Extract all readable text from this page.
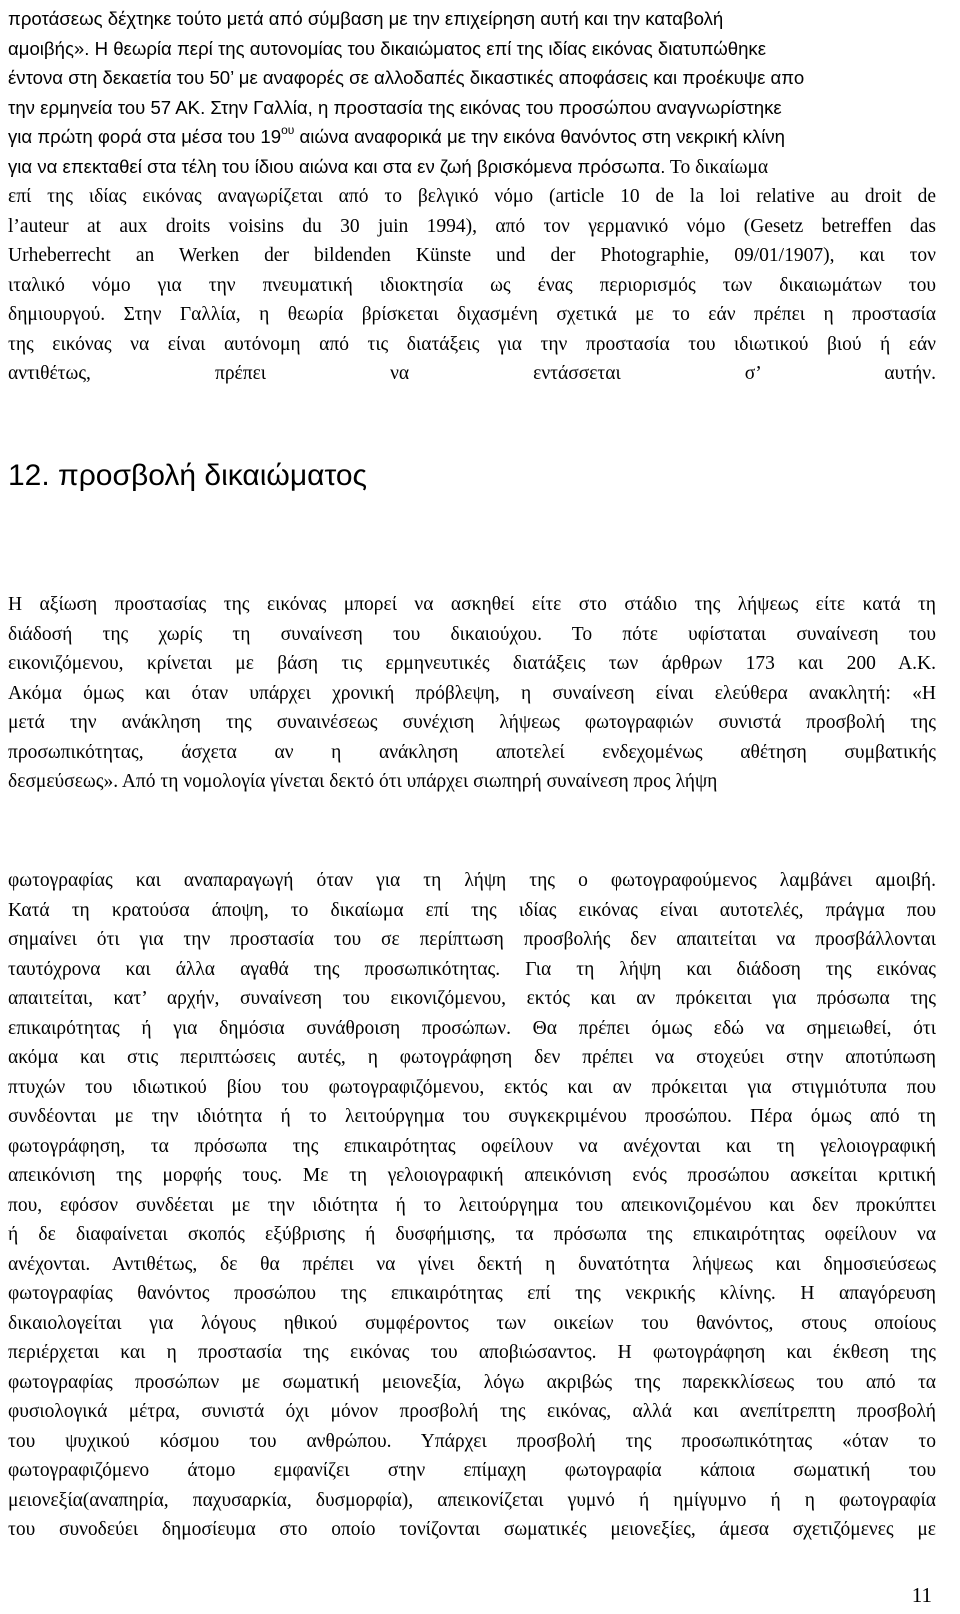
προτάσεως δέχτηκε τούτο μετά από σύμβαση με την επιχείρηση αυτή και την καταβολή
αμοιβής». Η θεωρία περί της αυτονομίας του δικαιώματος επί της ιδίας εικόνας διατυπώθηκε
έντονα στη δεκαετία του 50’ με αναφορές σε αλλοδαπές δικαστικές αποφάσεις και προέκυψε απο
την ερμηνεία του 57 ΑΚ. Στην Γαλλία, η προστασία της εικόνας του προσώπου αναγνωρίστηκε
για πρώτη φορά στα μέσα του $19^{o\upsilon}$ αιώνα αναφορικά με την εικόνα θανόντος στη νεκρική κλίνη
για να επεκταθεί στα τέλη του ίδιου αιώνα και στα εν ζωή βρισκόμενα πρόσωπα. Το δικαίωμα
επί της ιδίας εικόνας αναγωρίζεται από το βελγικό νόμο (article 10 de la loi relative au droit de
l’auteur at aux droits voisins du 30 juin 1994), από τον γερμανικό νόμο (Gesetz betreffen das
Urheberrecht an Werken der bildenden Künste und der Photographie, 09/01/1907), και τον
ιταλικό νόμο για την πνευματική ιδιοκτησία ως ένας περιορισμός των δικαιωμάτων του
δημιουργού. Στην Γαλλία, η θεωρία βρίσκεται διχασμένη σχετικά με το εάν πρέπει η προστασία
της εικόνας να είναι αυτόνομη από τις διατάξεις για την προστασία του ιδιωτικού βιού ή εάν
αντιθέτως, πρέπει να εντάσσεται σ’ αυτήν.
12. προσβολή δικαιώματος
Η αξίωση προστασίας της εικόνας μπορεί να ασκηθεί είτε στο στάδιο της λήψεως είτε κατά τη
διάδοσή της χωρίς τη συναίνεση του δικαιούχου. Το πότε υφίσταται συναίνεση του
εικονιζόμενου, κρίνεται με βάση τις ερμηνευτικές διατάξεις των άρθρων 173 και 200 Α.Κ.
Ακόμα όμως και όταν υπάρχει χρονική πρόβλεψη, η συναίνεση είναι ελεύθερα ανακλητή: «Η
μετά την ανάκληση της συναινέσεως συνέχιση λήψεως φωτογραφιών συνιστά προσβολή της
προσωπικότητας, άσχετα αν η ανάκληση αποτελεί ενδεχομένως αθέτηση συμβατικής
δεσμεύσεως». Από τη νομολογία γίνεται δεκτό ότι υπάρχει σιωπηρή συναίνεση προς λήψη
φωτογραφίας και αναπαραγωγή όταν για τη λήψη της ο φωτογραφούμενος λαμβάνει αμοιβή.
Κατά τη κρατούσα άποψη, το δικαίωμα επί της ιδίας εικόνας είναι αυτοτελές, πράγμα που
σημαίνει ότι για την προστασία του σε περίπτωση προσβολής δεν απαιτείται να προσβάλλονται
ταυτόχρονα και άλλα αγαθά της προσωπικότητας. Για τη λήψη και διάδοση της εικόνας
απαιτείται, κατ’ αρχήν, συναίνεση του εικονιζόμενου, εκτός και αν πρόκειται για πρόσωπα της
επικαιρότητας ή για δημόσια συνάθροιση προσώπων. Θα πρέπει όμως εδώ να σημειωθεί, ότι
ακόμα και στις περιπτώσεις αυτές, η φωτογράφηση δεν πρέπει να στοχεύει στην αποτύπωση
πτυχών του ιδιωτικού βίου του φωτογραφιζόμενου, εκτός και αν πρόκειται για στιγμιότυπα που
συνδέονται με την ιδιότητα ή το λειτούργημα του συγκεκριμένου προσώπου. Πέρα όμως από τη
φωτογράφηση, τα πρόσωπα της επικαιρότητας οφείλουν να ανέχονται και τη γελοιογραφική
απεικόνιση της μορφής τους. Με τη γελοιογραφική απεικόνιση ενός προσώπου ασκείται κριτική
που, εφόσον συνδέεται με την ιδιότητα ή το λειτούργημα του απεικονιζομένου και δεν προκύπτει
ή δε διαφαίνεται σκοπός εξύβρισης ή δυσφήμισης, τα πρόσωπα της επικαιρότητας οφείλουν να
ανέχονται. Αντιθέτως, δε θα πρέπει να γίνει δεκτή η δυνατότητα λήψεως και δημοσιεύσεως
φωτογραφίας θανόντος προσώπου της επικαιρότητας επί της νεκρικής κλίνης. Η απαγόρευση
δικαιολογείται για λόγους ηθικού συμφέροντος των οικείων του θανόντος, στους οποίους
περιέρχεται και η προστασία της εικόνας του αποβιώσαντος. Η φωτογράφηση και έκθεση της
φωτογραφίας προσώπων με σωματική μειονεξία, λόγω ακριβώς της παρεκκλίσεως του από τα
φυσιολογικά μέτρα, συνιστά όχι μόνον προσβολή της εικόνας, αλλά και ανεπίτρεπτη προσβολή
του ψυχικού κόσμου του ανθρώπου. Υπάρχει προσβολή της προσωπικότητας «όταν το
φωτογραφιζόμενο άτομο εμφανίζει στην επίμαχη φωτογραφία κάποια σωματική του
μειονεξία(αναπηρία, παχυσαρκία, δυσμορφία), απεικονίζεται γυμνό ή ημίγυμνο ή η φωτογραφία
του συνοδεύει δημοσίευμα στο οποίο τονίζονται σωματικές μειονεξίες, άμεσα σχετιζόμενες με
11
